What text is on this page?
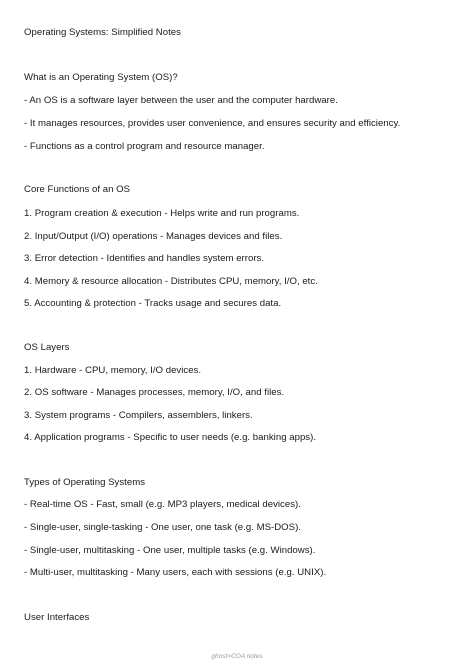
Operating Systems: Simplified Notes
What is an Operating System (OS)?
- An OS is a software layer between the user and the computer hardware.
- It manages resources, provides user convenience, and ensures security and efficiency.
- Functions as a control program and resource manager.
Core Functions of an OS
1. Program creation & execution - Helps write and run programs.
2. Input/Output (I/O) operations - Manages devices and files.
3. Error detection - Identifies and handles system errors.
4. Memory & resource allocation - Distributes CPU, memory, I/O, etc.
5. Accounting & protection - Tracks usage and secures data.
OS Layers
1. Hardware - CPU, memory, I/O devices.
2. OS software - Manages processes, memory, I/O, and files.
3. System programs - Compilers, assemblers, linkers.
4. Application programs - Specific to user needs (e.g. banking apps).
Types of Operating Systems
- Real-time OS - Fast, small (e.g. MP3 players, medical devices).
- Single-user, single-tasking - One user, one task (e.g. MS-DOS).
- Single-user, multitasking - One user, multiple tasks (e.g. Windows).
- Multi-user, multitasking - Many users, each with sessions (e.g. UNIX).
User Interfaces
ghost>COA notes
